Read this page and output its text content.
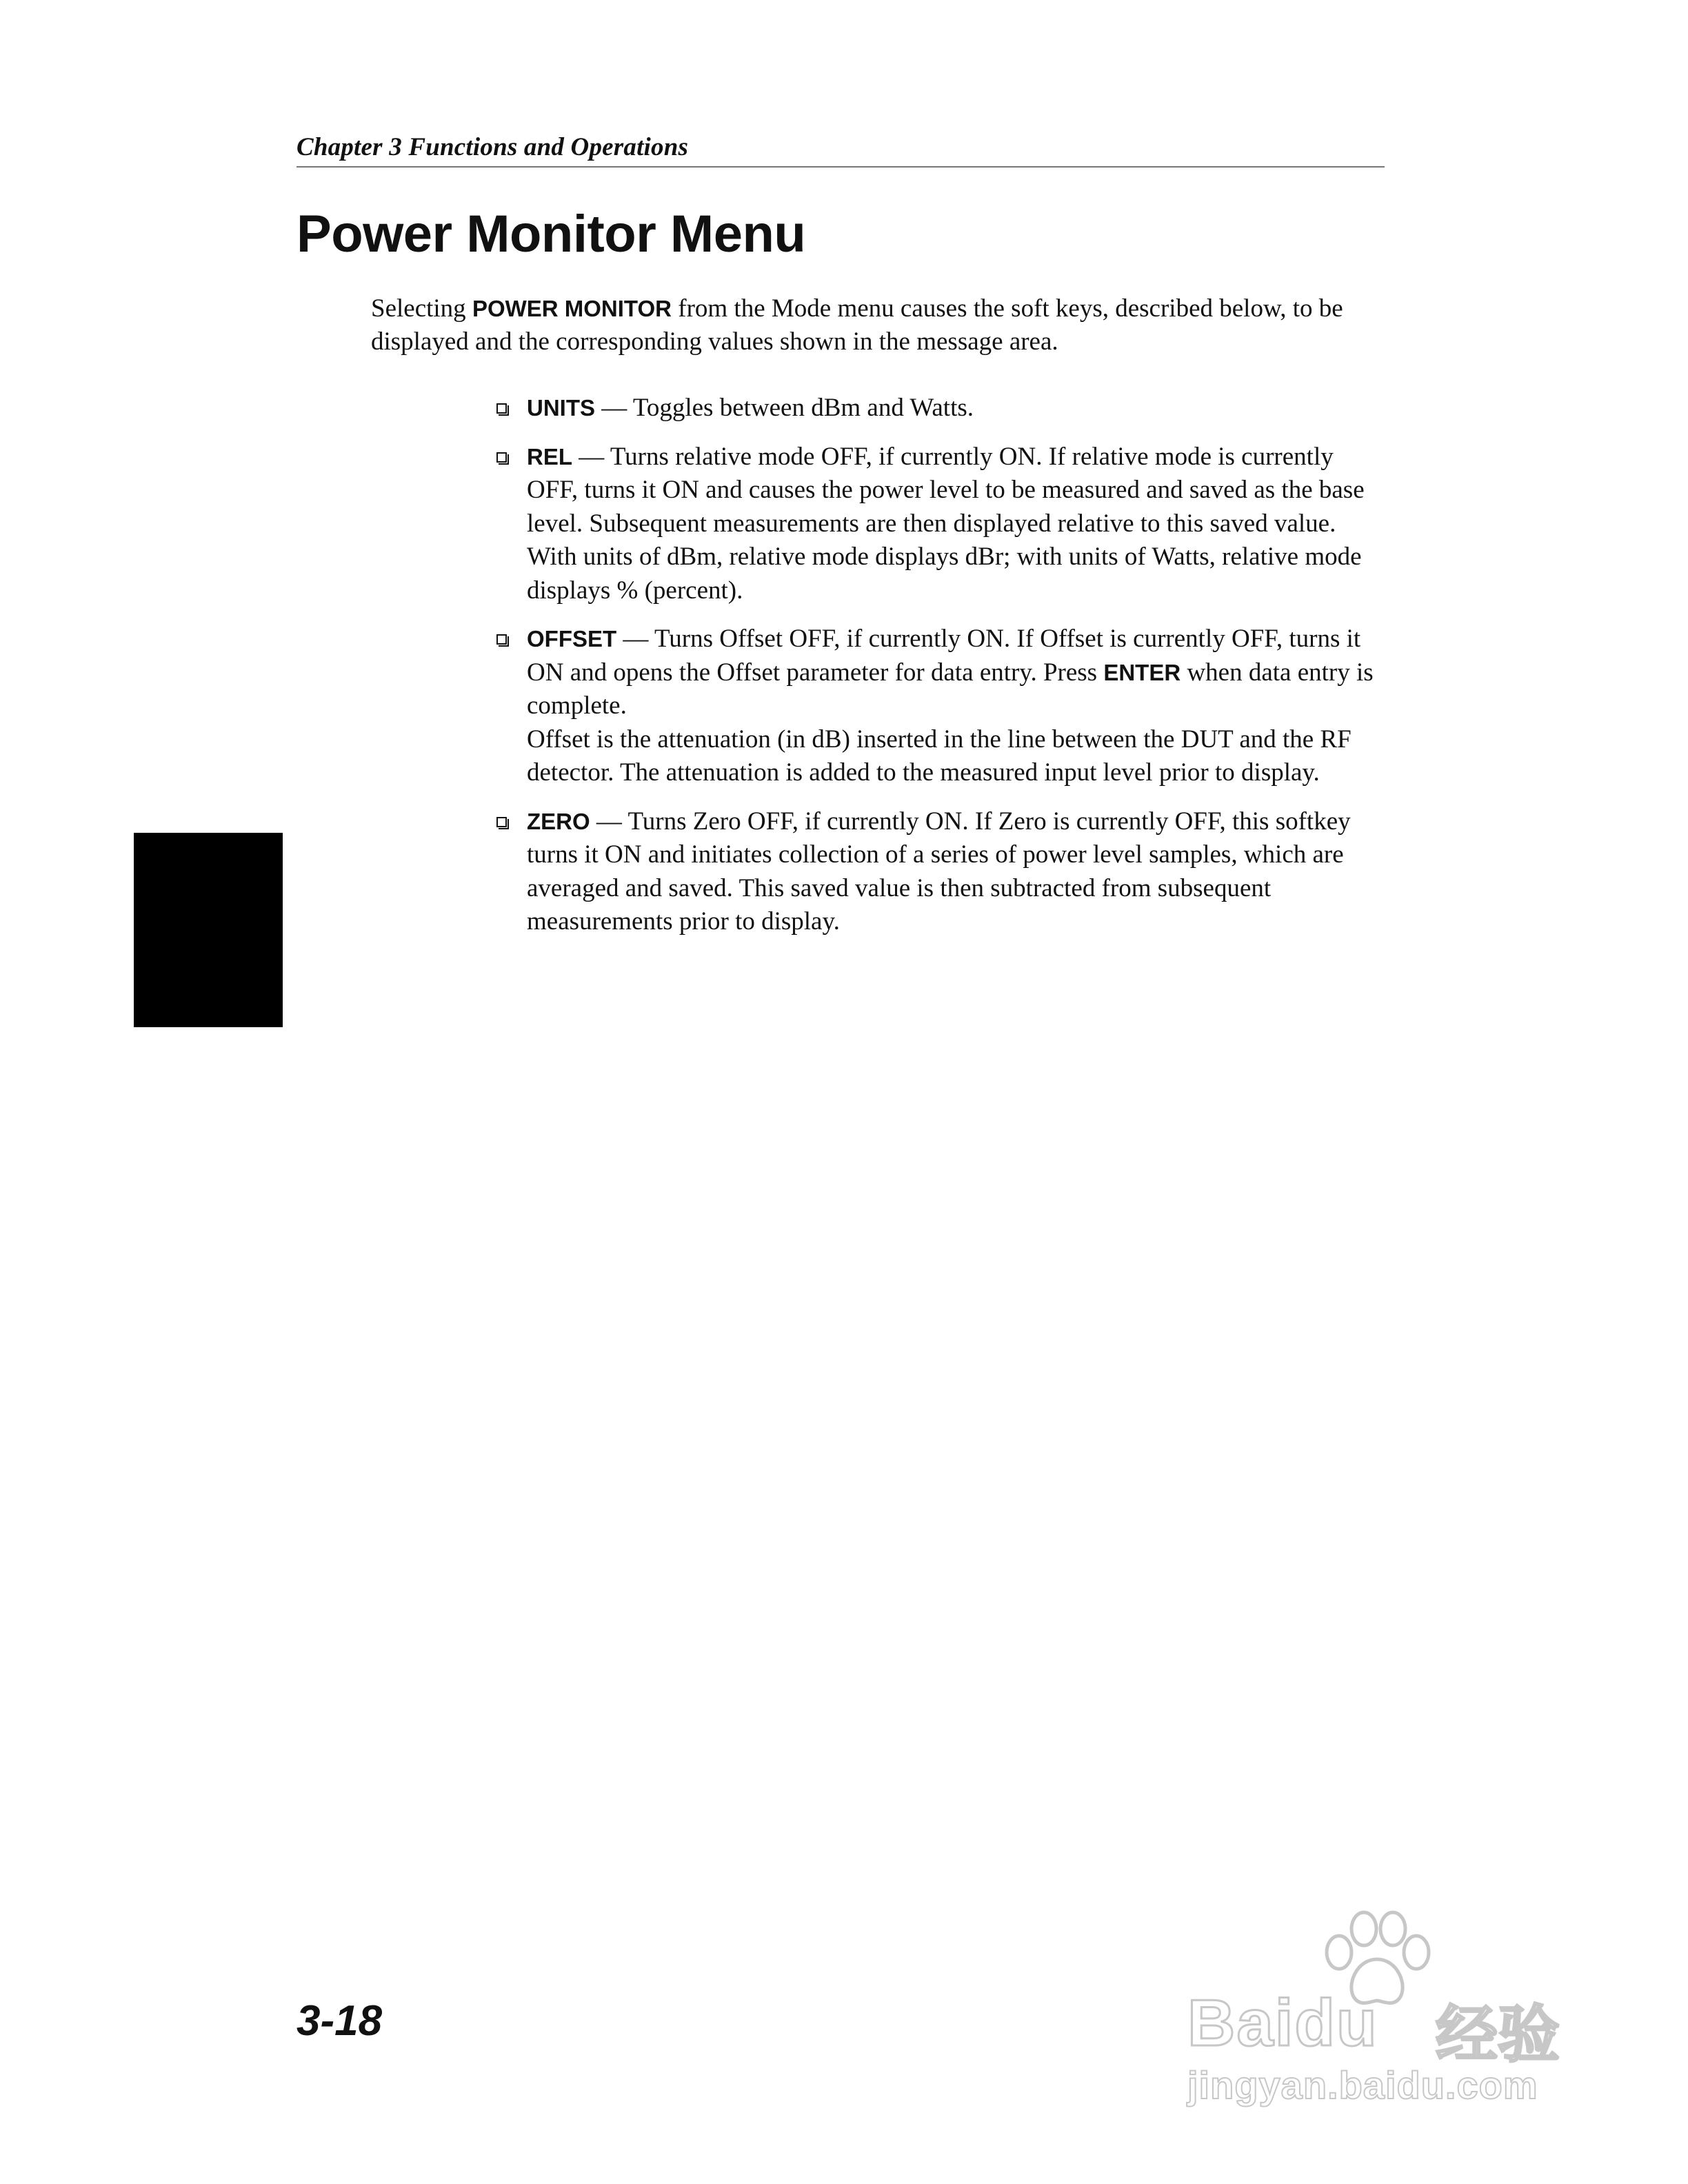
Chapter 3 Functions and Operations
Power Monitor Menu

Selecting POWER MONITOR from the Mode menu causes the soft keys, described below, to be displayed and the corresponding values shown in the message area.

UNITS — Toggles between dBm and Watts.
REL — Turns relative mode OFF, if currently ON. If relative mode is currently OFF, turns it ON and causes the power level to be measured and saved as the base level. Subsequent measurements are then displayed relative to this saved value. With units of dBm, relative mode displays dBr; with units of Watts, relative mode displays % (percent).
OFFSET — Turns Offset OFF, if currently ON. If Offset is currently OFF, turns it ON and opens the Offset parameter for data entry. Press ENTER when data entry is complete.
Offset is the attenuation (in dB) inserted in the line between the DUT and the RF detector. The attenuation is added to the measured input level prior to display.
ZERO — Turns Zero OFF, if currently ON. If Zero is currently OFF, this softkey turns it ON and initiates collection of a series of power level samples, which are averaged and saved. This saved value is then subtracted from subsequent measurements prior to display.
3-18	Baidu 经验
jingyan.baidu.com
